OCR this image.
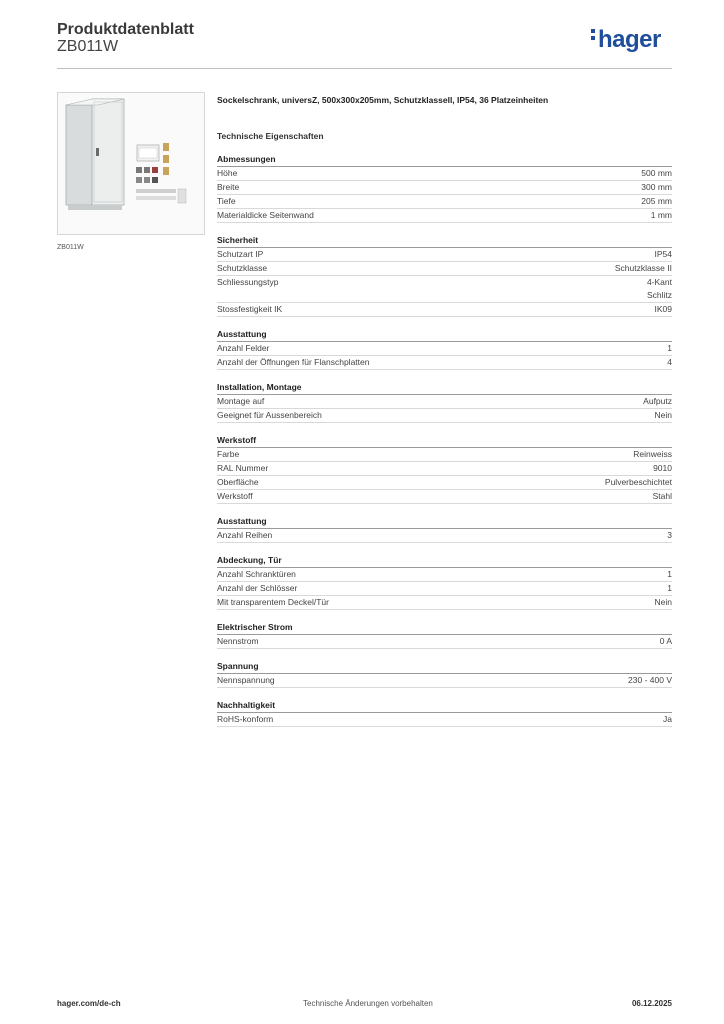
Produktdatenblatt
ZB011W	hager
ZB011W
Sockelschrank, universZ, 500x300x205mm, Schutzklassell, IP54, 36 Platzeinheiten
Technische Eigenschaften
Abmessungen
Höhe	500 mm
Breite	300 mm
Tiefe	205 mm
Materialdicke Seitenwand	1 mm
Sicherheit
Schutzart IP	IP54
Schutzklasse	Schutzklasse II
Schliessungstyp	4-Kant
Schlitz
Stossfestigkeit IK	IK09
Ausstattung
Anzahl Felder	1
Anzahl der Öffnungen für Flanschplatten	4
Installation, Montage
Montage auf	Aufputz
Geeignet für Aussenbereich	Nein
Werkstoff
Farbe	Reinweiss
RAL Nummer	9010
Oberfläche	Pulverbeschichtet
Werkstoff	Stahl
Ausstattung
Anzahl Reihen	3
Abdeckung, Tür
Anzahl Schranktüren	1
Anzahl der Schlösser	1
Mit transparentem Deckel/Tür	Nein
Elektrischer Strom
Nennstrom	0 A
Spannung
Nennspannung	230 - 400 V
Nachhaltigkeit
RoHS-konform	Ja
hager.com/de-ch	Technische Änderungen vorbehalten	06.12.2025
